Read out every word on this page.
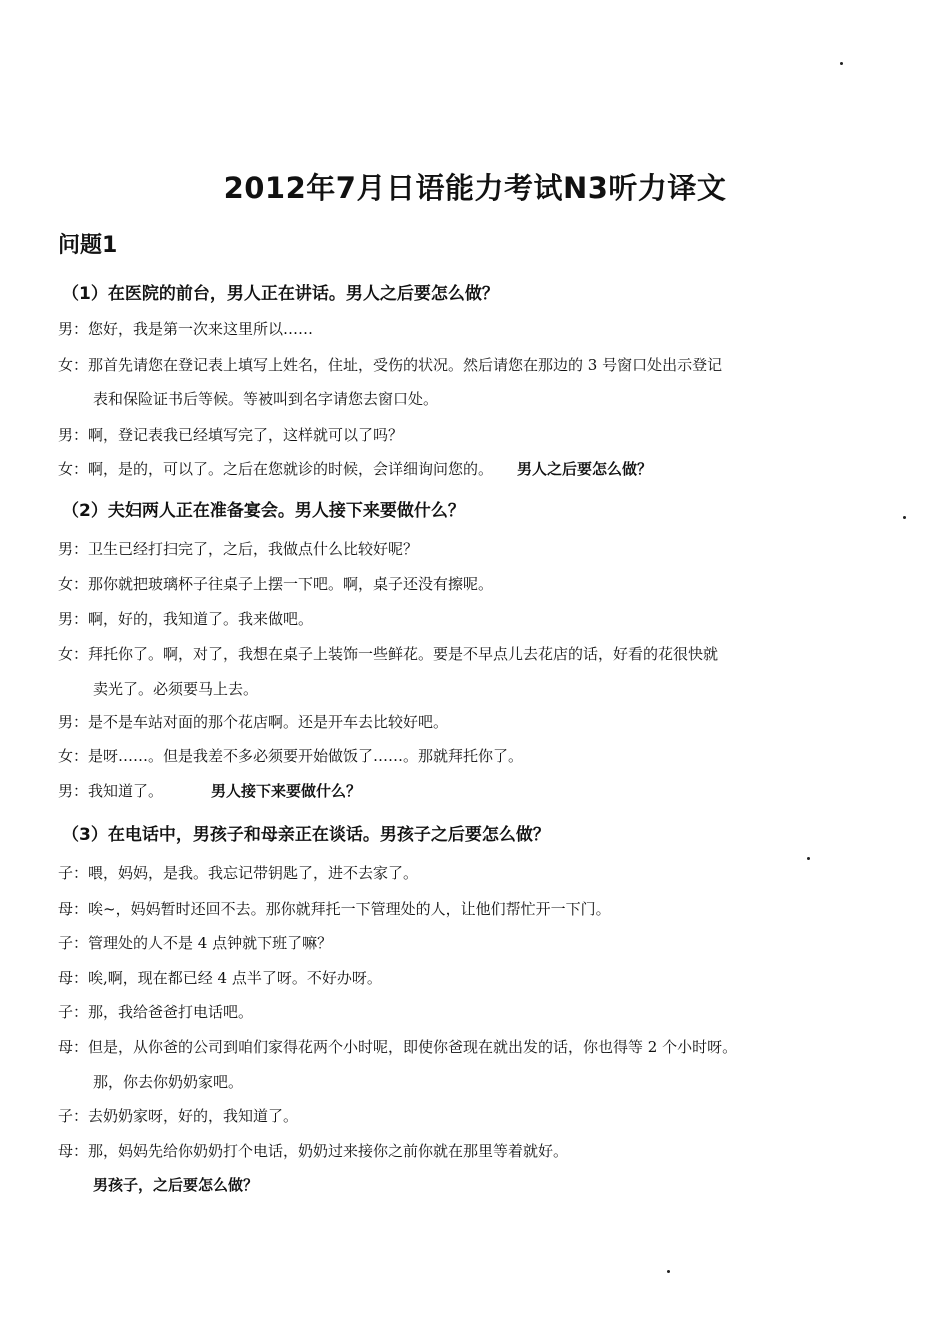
2012年7月日语能力考试N3听力译文
问题1
（1）在医院的前台，男人正在讲话。男人之后要怎么做？
男：您好，我是第一次来这里所以……
女：那首先请您在登记表上填写上姓名，住址，受伤的状况。然后请您在那边的 3 号窗口处出示登记
表和保险证书后等候。等被叫到名字请您去窗口处。
男：啊，登记表我已经填写完了，这样就可以了吗？
女：啊，是的，可以了。之后在您就诊的时候，会详细询问您的。 男人之后要怎么做？
（2）夫妇两人正在准备宴会。男人接下来要做什么？
男：卫生已经打扫完了，之后，我做点什么比较好呢？
女：那你就把玻璃杯子往桌子上摆一下吧。啊，桌子还没有擦呢。
男：啊，好的，我知道了。我来做吧。
女：拜托你了。啊，对了，我想在桌子上装饰一些鲜花。要是不早点儿去花店的话，好看的花很快就
卖光了。必须要马上去。
男：是不是车站对面的那个花店啊。还是开车去比较好吧。
女：是呀……。但是我差不多必须要开始做饭了……。那就拜托你了。
男：我知道了。	男人接下来要做什么？
（3）在电话中，男孩子和母亲正在谈话。男孩子之后要怎么做？
子：喂，妈妈，是我。我忘记带钥匙了，进不去家了。
母：唉~，妈妈暂时还回不去。那你就拜托一下管理处的人，让他们帮忙开一下门。
子：管理处的人不是 4 点钟就下班了嘛？
母：唉,啊，现在都已经 4 点半了呀。不好办呀。
子：那，我给爸爸打电话吧。
母：但是，从你爸的公司到咱们家得花两个小时呢，即使你爸现在就出发的话，你也得等 2 个小时呀。
那，你去你奶奶家吧。
子：去奶奶家呀，好的，我知道了。
母：那，妈妈先给你奶奶打个电话，奶奶过来接你之前你就在那里等着就好。
男孩子，之后要怎么做？
